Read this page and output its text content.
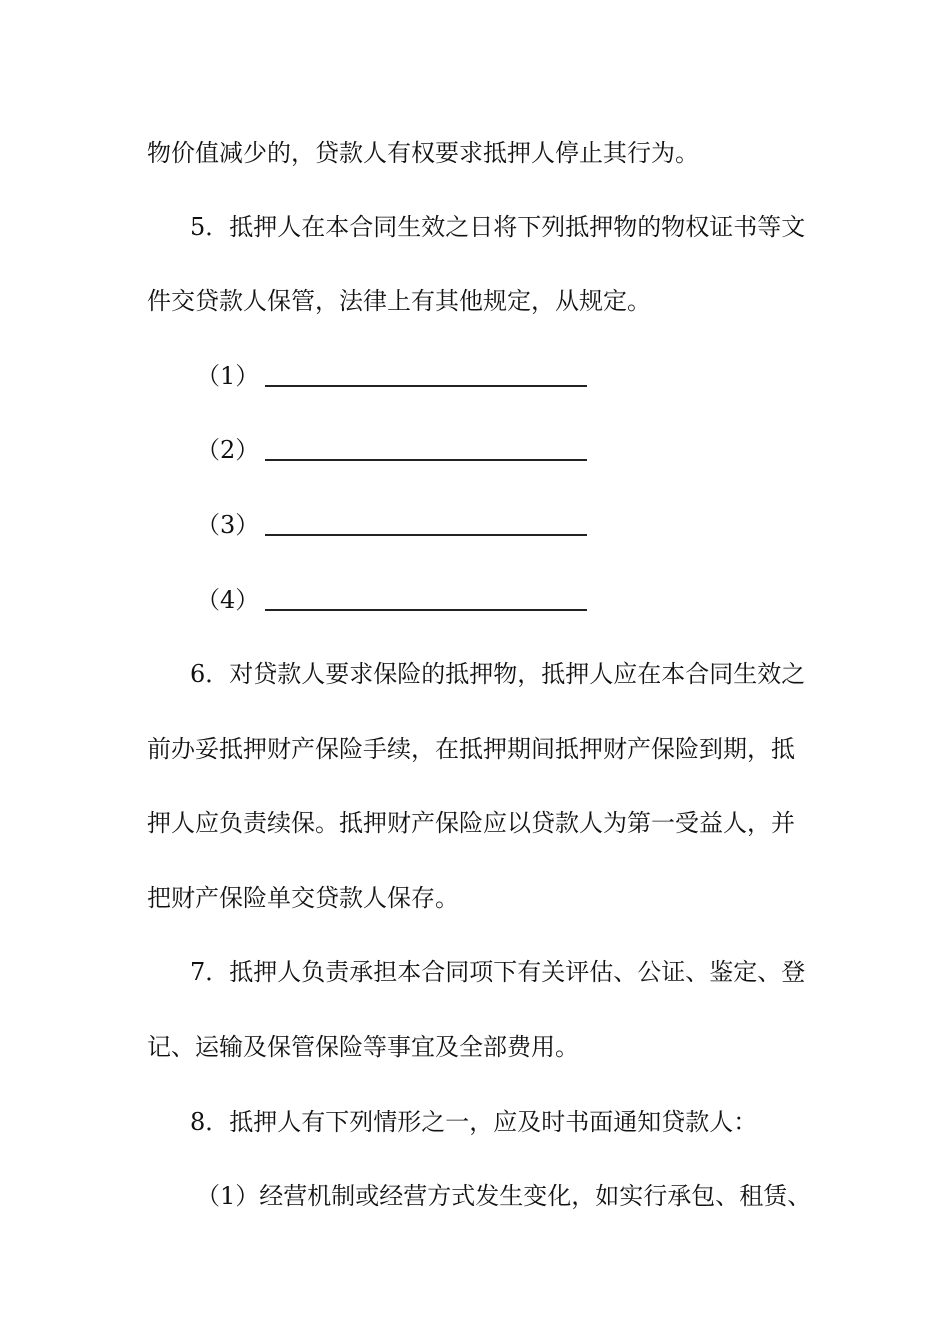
物价值减少的，贷款人有权要求抵押人停止其行为。
5．抵押人在本合同生效之日将下列抵押物的物权证书等文
件交贷款人保管，法律上有其他规定，从规定。
（1）
（2）
（3）
（4）
6．对贷款人要求保险的抵押物，抵押人应在本合同生效之
前办妥抵押财产保险手续，在抵押期间抵押财产保险到期，抵
押人应负责续保。抵押财产保险应以贷款人为第一受益人，并
把财产保险单交贷款人保存。
7．抵押人负责承担本合同项下有关评估、公证、鉴定、登
记、运输及保管保险等事宜及全部费用。
8．抵押人有下列情形之一，应及时书面通知贷款人：
（1）经营机制或经营方式发生变化，如实行承包、租赁、
